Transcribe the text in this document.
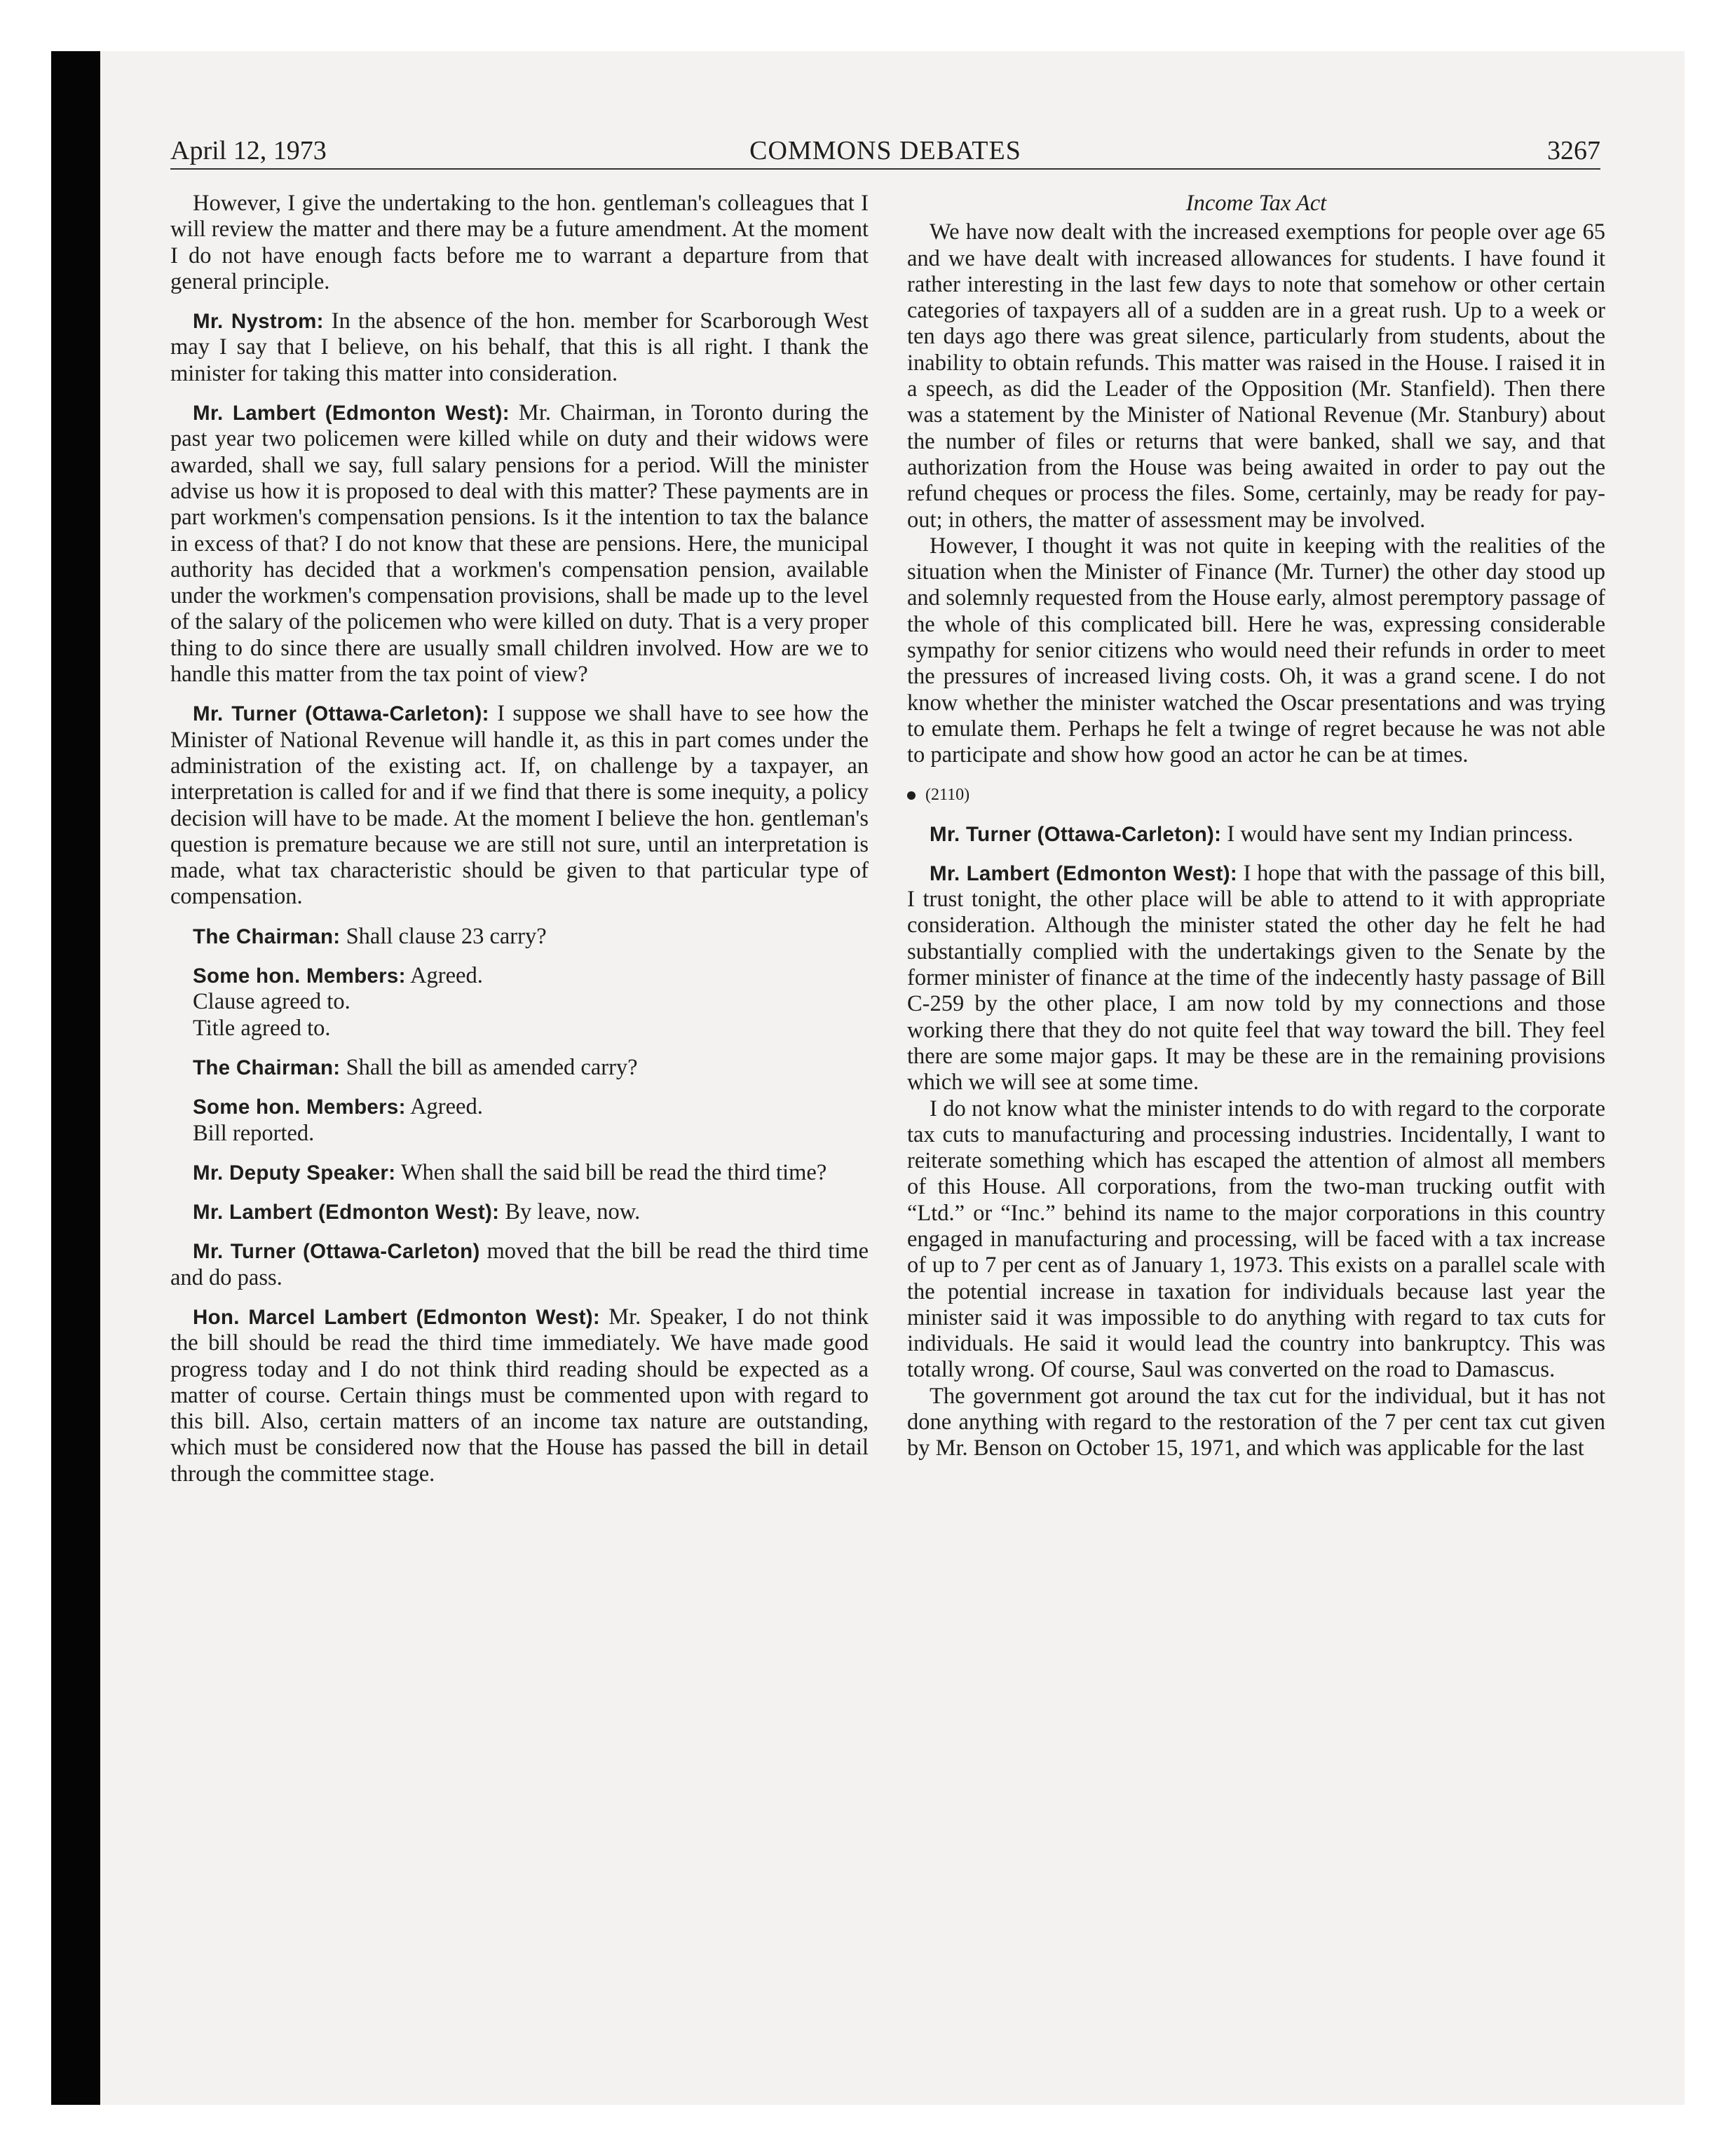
April 12, 1973	COMMONS DEBATES	3267

However, I give the undertaking to the hon. gentleman's colleagues that I will review the matter and there may be a future amendment. At the moment I do not have enough facts before me to warrant a departure from that general principle.

Mr. Nystrom: In the absence of the hon. member for Scarborough West may I say that I believe, on his behalf, that this is all right. I thank the minister for taking this matter into consideration.

Mr. Lambert (Edmonton West): Mr. Chairman, in Toronto during the past year two policemen were killed while on duty and their widows were awarded, shall we say, full salary pensions for a period. Will the minister advise us how it is proposed to deal with this matter? These payments are in part workmen's compensation pensions. Is it the intention to tax the balance in excess of that? I do not know that these are pensions. Here, the municipal authority has decided that a workmen's compensation pension, available under the workmen's compensation provisions, shall be made up to the level of the salary of the policemen who were killed on duty. That is a very proper thing to do since there are usually small children involved. How are we to handle this matter from the tax point of view?

Mr. Turner (Ottawa-Carleton): I suppose we shall have to see how the Minister of National Revenue will handle it, as this in part comes under the administration of the existing act. If, on challenge by a taxpayer, an interpretation is called for and if we find that there is some inequity, a policy decision will have to be made. At the moment I believe the hon. gentleman's question is premature because we are still not sure, until an interpretation is made, what tax characteristic should be given to that particular type of compensation.

The Chairman: Shall clause 23 carry?

Some hon. Members: Agreed.

Clause agreed to.

Title agreed to.

The Chairman: Shall the bill as amended carry?

Some hon. Members: Agreed.

Bill reported.

Mr. Deputy Speaker: When shall the said bill be read the third time?

Mr. Lambert (Edmonton West): By leave, now.

Mr. Turner (Ottawa-Carleton) moved that the bill be read the third time and do pass.

Hon. Marcel Lambert (Edmonton West): Mr. Speaker, I do not think the bill should be read the third time immediately. We have made good progress today and I do not think third reading should be expected as a matter of course. Certain things must be commented upon with regard to this bill. Also, certain matters of an income tax nature are outstanding, which must be considered now that the House has passed the bill in detail through the committee stage.

Income Tax Act

We have now dealt with the increased exemptions for people over age 65 and we have dealt with increased allowances for students. I have found it rather interesting in the last few days to note that somehow or other certain categories of taxpayers all of a sudden are in a great rush. Up to a week or ten days ago there was great silence, particularly from students, about the inability to obtain refunds. This matter was raised in the House. I raised it in a speech, as did the Leader of the Opposition (Mr. Stanfield). Then there was a statement by the Minister of National Revenue (Mr. Stanbury) about the number of files or returns that were banked, shall we say, and that authorization from the House was being awaited in order to pay out the refund cheques or process the files. Some, certainly, may be ready for pay-out; in others, the matter of assessment may be involved.

However, I thought it was not quite in keeping with the realities of the situation when the Minister of Finance (Mr. Turner) the other day stood up and solemnly requested from the House early, almost peremptory passage of the whole of this complicated bill. Here he was, expressing considerable sympathy for senior citizens who would need their refunds in order to meet the pressures of increased living costs. Oh, it was a grand scene. I do not know whether the minister watched the Oscar presentations and was trying to emulate them. Perhaps he felt a twinge of regret because he was not able to participate and show how good an actor he can be at times.

(2110)

Mr. Turner (Ottawa-Carleton): I would have sent my Indian princess.

Mr. Lambert (Edmonton West): I hope that with the passage of this bill, I trust tonight, the other place will be able to attend to it with appropriate consideration. Although the minister stated the other day he felt he had substantially complied with the undertakings given to the Senate by the former minister of finance at the time of the indecently hasty passage of Bill C-259 by the other place, I am now told by my connections and those working there that they do not quite feel that way toward the bill. They feel there are some major gaps. It may be these are in the remaining provisions which we will see at some time.

I do not know what the minister intends to do with regard to the corporate tax cuts to manufacturing and processing industries. Incidentally, I want to reiterate something which has escaped the attention of almost all members of this House. All corporations, from the two-man trucking outfit with “Ltd.” or “Inc.” behind its name to the major corporations in this country engaged in manufacturing and processing, will be faced with a tax increase of up to 7 per cent as of January 1, 1973. This exists on a parallel scale with the potential increase in taxation for individuals because last year the minister said it was impossible to do anything with regard to tax cuts for individuals. He said it would lead the country into bankruptcy. This was totally wrong. Of course, Saul was converted on the road to Damascus.

The government got around the tax cut for the individual, but it has not done anything with regard to the restoration of the 7 per cent tax cut given by Mr. Benson on October 15, 1971, and which was applicable for the last
